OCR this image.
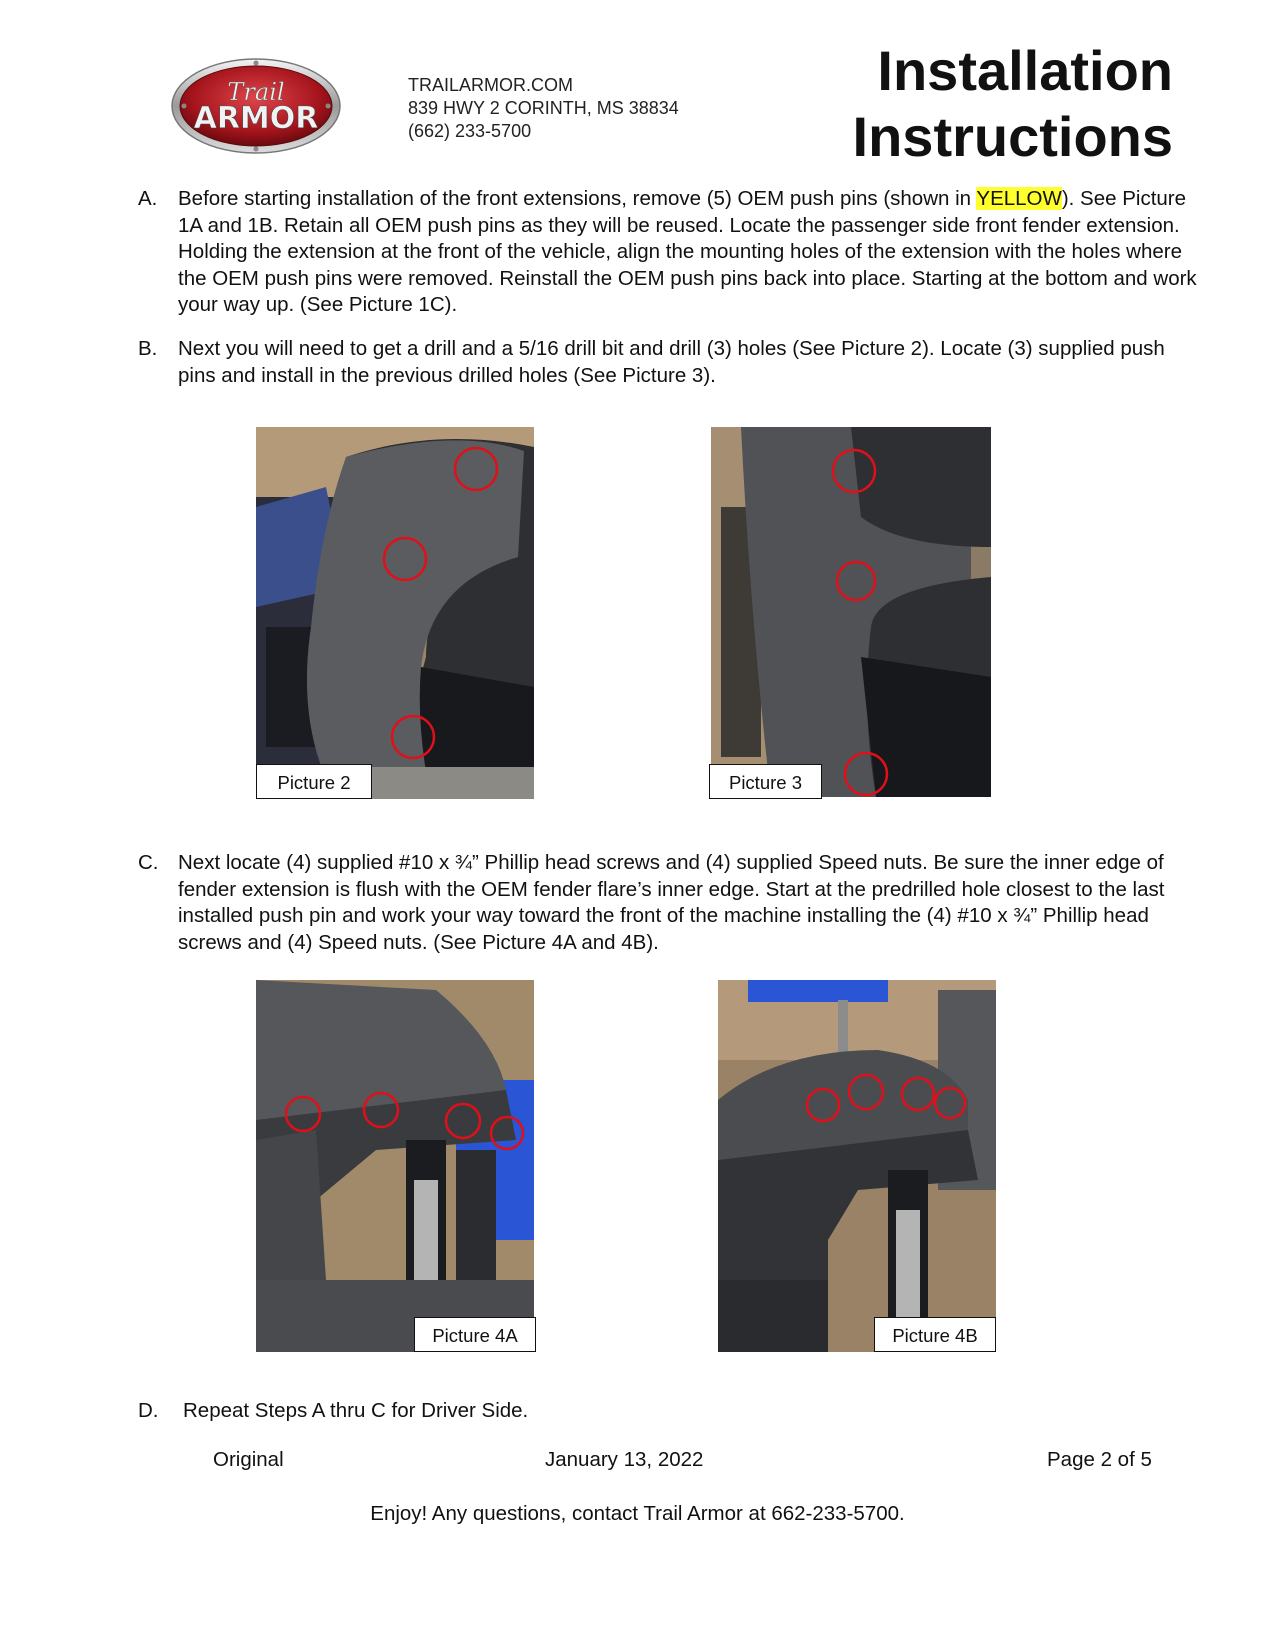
Trail
ARMOR
TRAILARMOR.COM
839 HWY 2 CORINTH, MS 38834
(662) 233-5700
Installation
Instructions
A. Before starting installation of the front extensions, remove (5) OEM push pins (shown in YELLOW). See Picture 1A and 1B. Retain all OEM push pins as they will be reused. Locate the passenger side front fender extension. Holding the extension at the front of the vehicle, align the mounting holes of the extension with the holes where the OEM push pins were removed. Reinstall the OEM push pins back into place. Starting at the bottom and work your way up. (See Picture 1C).
B. Next you will need to get a drill and a 5/16 drill bit and drill (3) holes (See Picture 2). Locate (3) supplied push pins and install in the previous drilled holes (See Picture 3).
Picture 2	Picture 3
C. Next locate (4) supplied #10 x ¾” Phillip head screws and (4) supplied Speed nuts. Be sure the inner edge of fender extension is flush with the OEM fender flare’s inner edge. Start at the predrilled hole closest to the last installed push pin and work your way toward the front of the machine installing the (4) #10 x ¾” Phillip head screws and (4) Speed nuts. (See Picture 4A and 4B).
Picture 4A	Picture 4B
D. Repeat Steps A thru C for Driver Side.
Original	January 13, 2022	Page 2 of 5
Enjoy! Any questions, contact Trail Armor at 662-233-5700.
